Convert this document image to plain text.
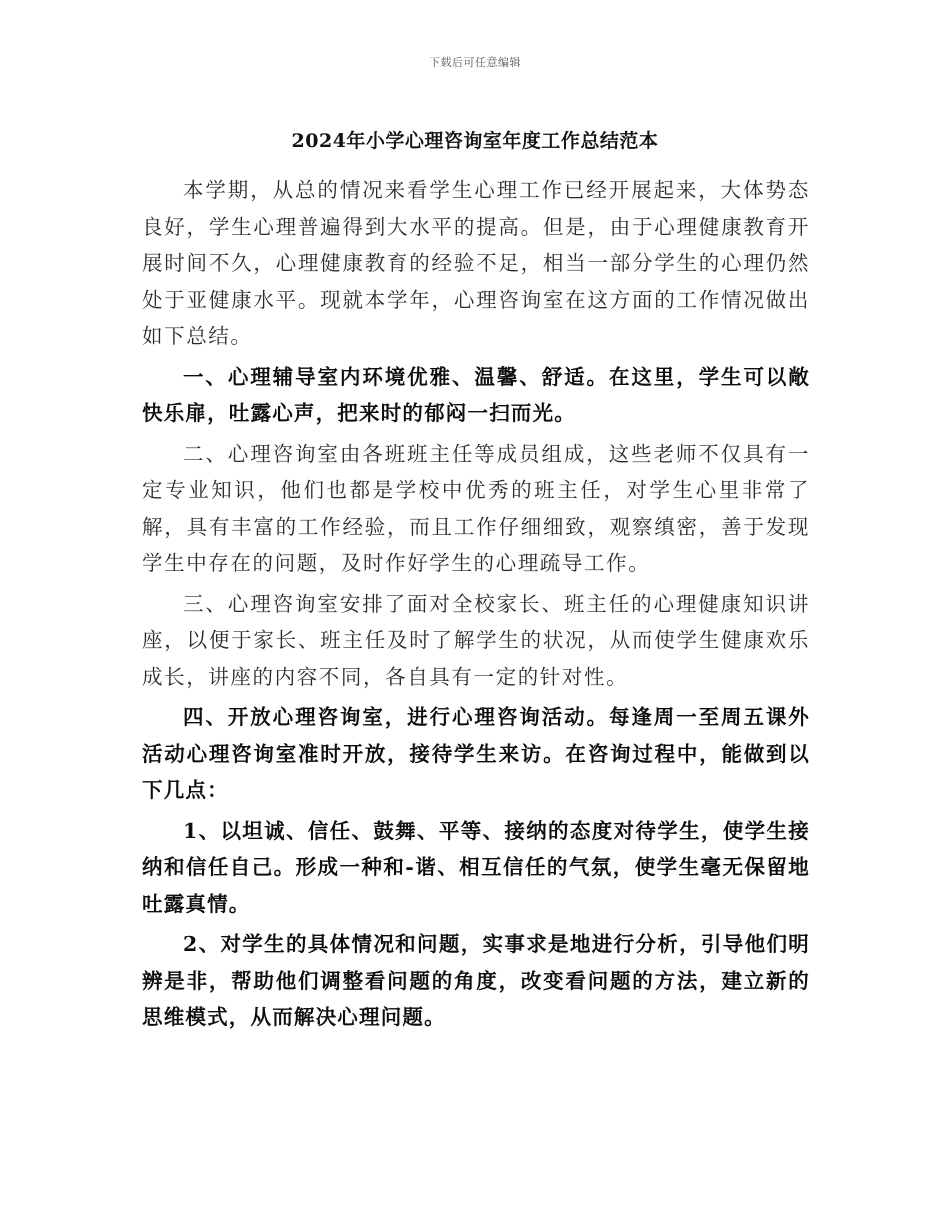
下载后可任意编辑
2024年小学心理咨询室年度工作总结范本

本学期，从总的情况来看学生心理工作已经开展起来，大体势态良好，学生心理普遍得到大水平的提高。但是，由于心理健康教育开展时间不久，心理健康教育的经验不足，相当一部分学生的心理仍然处于亚健康水平。现就本学年，心理咨询室在这方面的工作情况做出如下总结。

一、心理辅导室内环境优雅、温馨、舒适。在这里，学生可以敞快乐扉，吐露心声，把来时的郁闷一扫而光。

二、心理咨询室由各班班主任等成员组成，这些老师不仅具有一定专业知识，他们也都是学校中优秀的班主任，对学生心里非常了解，具有丰富的工作经验，而且工作仔细细致，观察缜密，善于发现学生中存在的问题，及时作好学生的心理疏导工作。

三、心理咨询室安排了面对全校家长、班主任的心理健康知识讲座，以便于家长、班主任及时了解学生的状况，从而使学生健康欢乐成长，讲座的内容不同，各自具有一定的针对性。

四、开放心理咨询室，进行心理咨询活动。每逢周一至周五课外活动心理咨询室准时开放，接待学生来访。在咨询过程中，能做到以下几点：

1、以坦诚、信任、鼓舞、平等、接纳的态度对待学生，使学生接纳和信任自己。形成一种和-谐、相互信任的气氛，使学生毫无保留地吐露真情。

2、对学生的具体情况和问题，实事求是地进行分析，引导他们明辨是非，帮助他们调整看问题的角度，改变看问题的方法，建立新的思维模式，从而解决心理问题。
